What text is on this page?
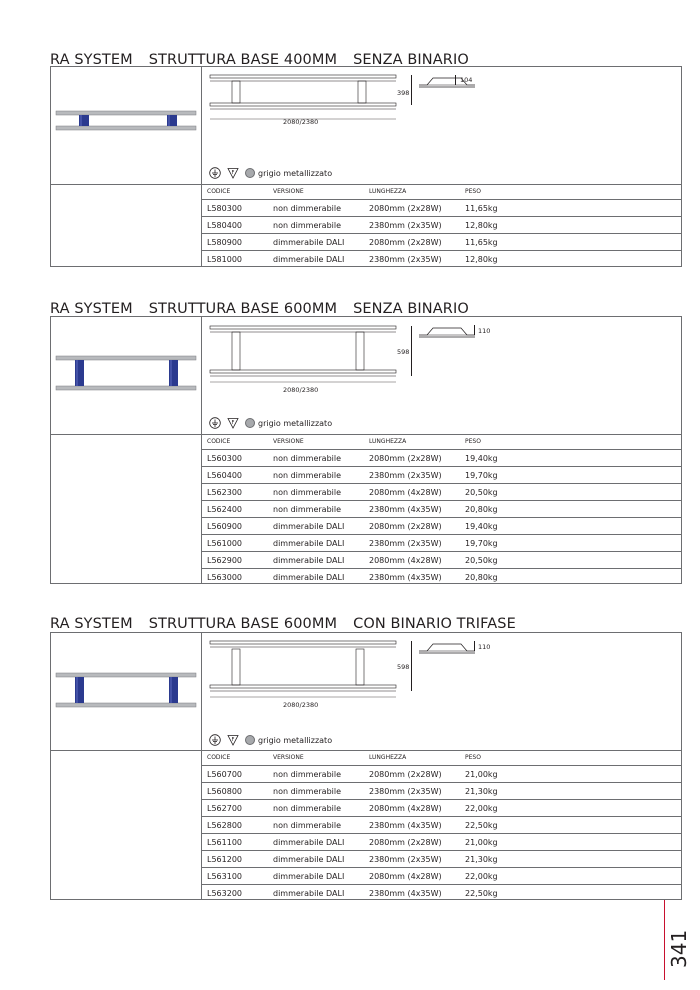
RA SYSTEM STRUTTURA BASE 400MM SENZA BINARIO
2080/2380
398
104
F	grigio metallizzato
CODICE	VERSIONE	LUNGHEZZA	PESO
L580300	non dimmerabile	2080mm (2x28W)	11,65kg
L580400	non dimmerabile	2380mm (2x35W)	12,80kg
L580900	dimmerabile DALI	2080mm (2x28W)	11,65kg
L581000	dimmerabile DALI	2380mm (2x35W)	12,80kg
RA SYSTEM STRUTTURA BASE 600MM SENZA BINARIO
2080/2380
598
110
F	grigio metallizzato
CODICE	VERSIONE	LUNGHEZZA	PESO
L560300	non dimmerabile	2080mm (2x28W)	19,40kg
L560400	non dimmerabile	2380mm (2x35W)	19,70kg
L562300	non dimmerabile	2080mm (4x28W)	20,50kg
L562400	non dimmerabile	2380mm (4x35W)	20,80kg
L560900	dimmerabile DALI	2080mm (2x28W)	19,40kg
L561000	dimmerabile DALI	2380mm (2x35W)	19,70kg
L562900	dimmerabile DALI	2080mm (4x28W)	20,50kg
L563000	dimmerabile DALI	2380mm (4x35W)	20,80kg
RA SYSTEM STRUTTURA BASE 600MM CON BINARIO TRIFASE
2080/2380
598
110
F	grigio metallizzato
CODICE	VERSIONE	LUNGHEZZA	PESO
L560700	non dimmerabile	2080mm (2x28W)	21,00kg
L560800	non dimmerabile	2380mm (2x35W)	21,30kg
L562700	non dimmerabile	2080mm (4x28W)	22,00kg
L562800	non dimmerabile	2380mm (4x35W)	22,50kg
L561100	dimmerabile DALI	2080mm (2x28W)	21,00kg
L561200	dimmerabile DALI	2380mm (2x35W)	21,30kg
L563100	dimmerabile DALI	2080mm (4x28W)	22,00kg
L563200	dimmerabile DALI	2380mm (4x35W)	22,50kg
341
